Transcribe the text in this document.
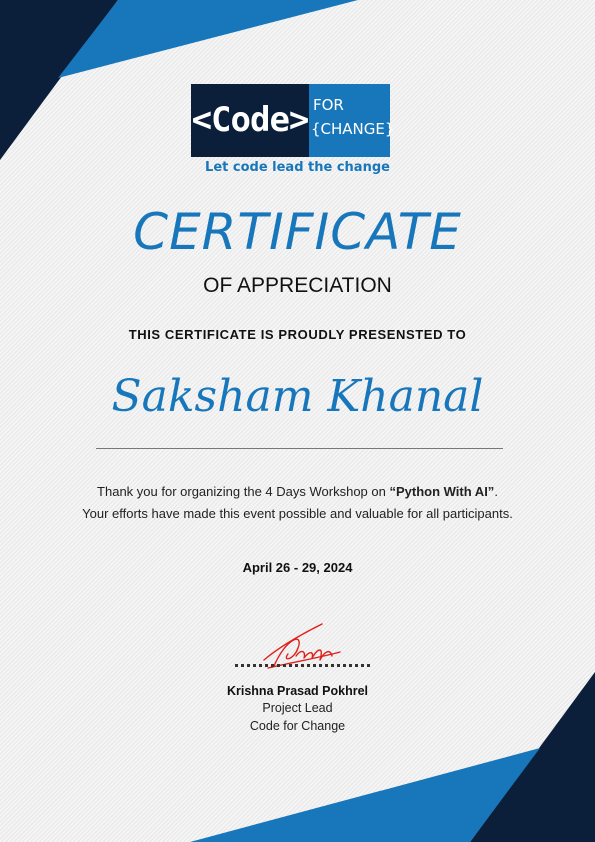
<Code> FOR
{CHANGE}
Let code lead the change
CERTIFICATE
OF APPRECIATION
THIS CERTIFICATE IS PROUDLY PRESENSTED TO
Saksham Khanal
Thank you for organizing the 4 Days Workshop on “Python With AI”.
Your efforts have made this event possible and valuable for all participants.
April 26 - 29, 2024
Krishna Prasad Pokhrel
Project Lead
Code for Change
